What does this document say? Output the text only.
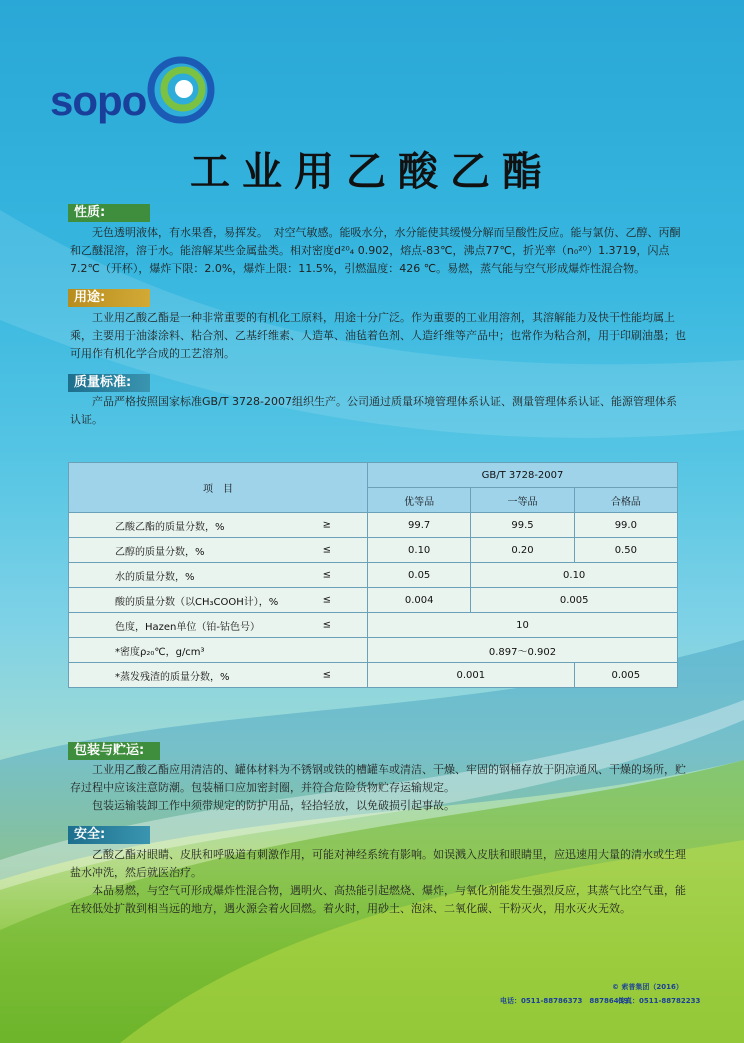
sopo
工业用乙酸乙酯
性质:

无色透明液体，有水果香，易挥发。　对空气敏感。能吸水分，水分能使其缓慢分解而呈酸性反应。能与氯仿、乙醇、丙酮和乙醚混溶，溶于水。能溶解某些金属盐类。相对密度d²⁰₄ 0.902，熔点-83℃，沸点77℃，折光率（n₀²⁰）1.3719，闪点7.2℃（开杯），爆炸下限：2.0%，爆炸上限：11.5%，引燃温度：426 ℃。易燃，蒸气能与空气形成爆炸性混合物。

用途:

工业用乙酸乙酯是一种非常重要的有机化工原料，用途十分广泛。作为重要的工业用溶剂，其溶解能力及快干性能均属上乘，主要用于油漆涂料、粘合剂、乙基纤维素、人造革、油毡着色剂、人造纤维等产品中；也常作为粘合剂，用于印刷油墨；也可用作有机化学合成的工艺溶剂。

质量标准:

产品严格按照国家标准GB/T 3728-2007组织生产。公司通过质量环境管理体系认证、测量管理体系认证、能源管理体系认证。

项　目	GB/T 3728-2007		
	优等品	一等品	合格品
乙酸乙酯的质量分数，% ≥	99.7	99.5	99.0
乙醇的质量分数，% ≤	0.10	0.20	0.50
水的质量分数，% ≤	0.05	0.10	
酸的质量分数（以CH₃COOH计），% ≤	0.004	0.005	
色度，Hazen单位（铂-钴色号） ≤	10		
*密度ρ₂₀℃，g/cm³	0.897～0.902		
*蒸发残渣的质量分数，% ≤	0.001		0.005
包装与贮运:

工业用乙酸乙酯应用清洁的、罐体材料为不锈钢或铁的槽罐车或清洁、干燥、牢固的钢桶存放于阴凉通风、干燥的场所，贮存过程中应该注意防潮。包装桶口应加密封圈，并符合危险货物贮存运输规定。

包装运输装卸工作中须带规定的防护用品，轻拾轻放，以免破损引起事故。

安全:

乙酸乙酯对眼睛、皮肤和呼吸道有刺激作用，可能对神经系统有影响。如误溅入皮肤和眼睛里，应迅速用大量的清水或生理盐水冲洗，然后就医治疗。

本品易燃，与空气可形成爆炸性混合物，遇明火、高热能引起燃烧、爆炸，与氧化剂能发生强烈反应，其蒸气比空气重，能在较低处扩散到相当远的地方，遇火源会着火回燃。着火时，用砂土、泡沫、二氧化碳、干粉灭火，用水灭火无效。

© 索普集团（2016）
电话：0511-88786373　88786439
传真：0511-88782233
